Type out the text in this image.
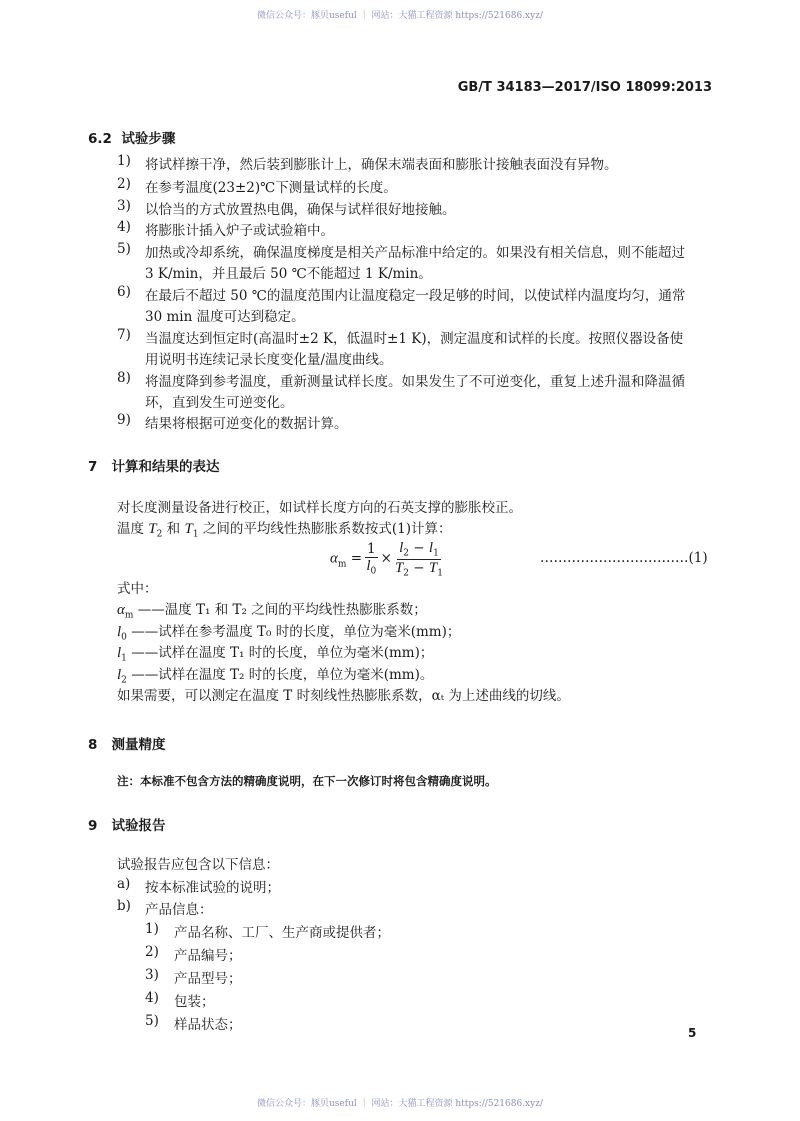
微信公众号：豚贝useful ｜ 网站：大猫工程资源 https://521686.xyz/
GB/T 34183—2017/ISO 18099:2013
6.2 试验步骤
1) 将试样擦干净，然后装到膨胀计上，确保末端表面和膨胀计接触表面没有异物。
2) 在参考温度(23±2)℃下测量试样的长度。
3) 以恰当的方式放置热电偶，确保与试样很好地接触。
4) 将膨胀计插入炉子或试验箱中。
5) 加热或冷却系统，确保温度梯度是相关产品标准中给定的。如果没有相关信息，则不能超过
3 K/min，并且最后 50 ℃不能超过 1 K/min。
6) 在最后不超过 50 ℃的温度范围内让温度稳定一段足够的时间，以使试样内温度均匀，通常
30 min 温度可达到稳定。
7) 当温度达到恒定时(高温时±2 K，低温时±1 K)，测定温度和试样的长度。按照仪器设备使
用说明书连续记录长度变化量/温度曲线。
8) 将温度降到参考温度，重新测量试样长度。如果发生了不可逆变化，重复上述升温和降温循
环，直到发生可逆变化。
9) 结果将根据可逆变化的数据计算。
7 计算和结果的表达
对长度测量设备进行校正，如试样长度方向的石英支撑的膨胀校正。
温度 $T_2$ 和 $T_1$ 之间的平均线性热膨胀系数按式(1)计算：
$\alpha_m = \frac{1}{l_0} \times \frac{l_2 - l_1}{T_2 - T_1}$	……………………………(1)
式中：
$\alpha_m$ ——温度 T₁ 和 T₂ 之间的平均线性热膨胀系数；
$l_0$ ——试样在参考温度 T₀ 时的长度，单位为毫米(mm)；
$l_1$ ——试样在温度 T₁ 时的长度，单位为毫米(mm)；
$l_2$ ——试样在温度 T₂ 时的长度，单位为毫米(mm)。
如果需要，可以测定在温度 T 时刻线性热膨胀系数，αₜ 为上述曲线的切线。
8 测量精度
注：本标准不包含方法的精确度说明，在下一次修订时将包含精确度说明。
9 试验报告
试验报告应包含以下信息：
a) 按本标准试验的说明；
b) 产品信息：
1) 产品名称、工厂、生产商或提供者；
2) 产品编号；
3) 产品型号；
4) 包装；
5) 样品状态；	5
微信公众号：豚贝useful ｜ 网站：大猫工程资源 https://521686.xyz/
